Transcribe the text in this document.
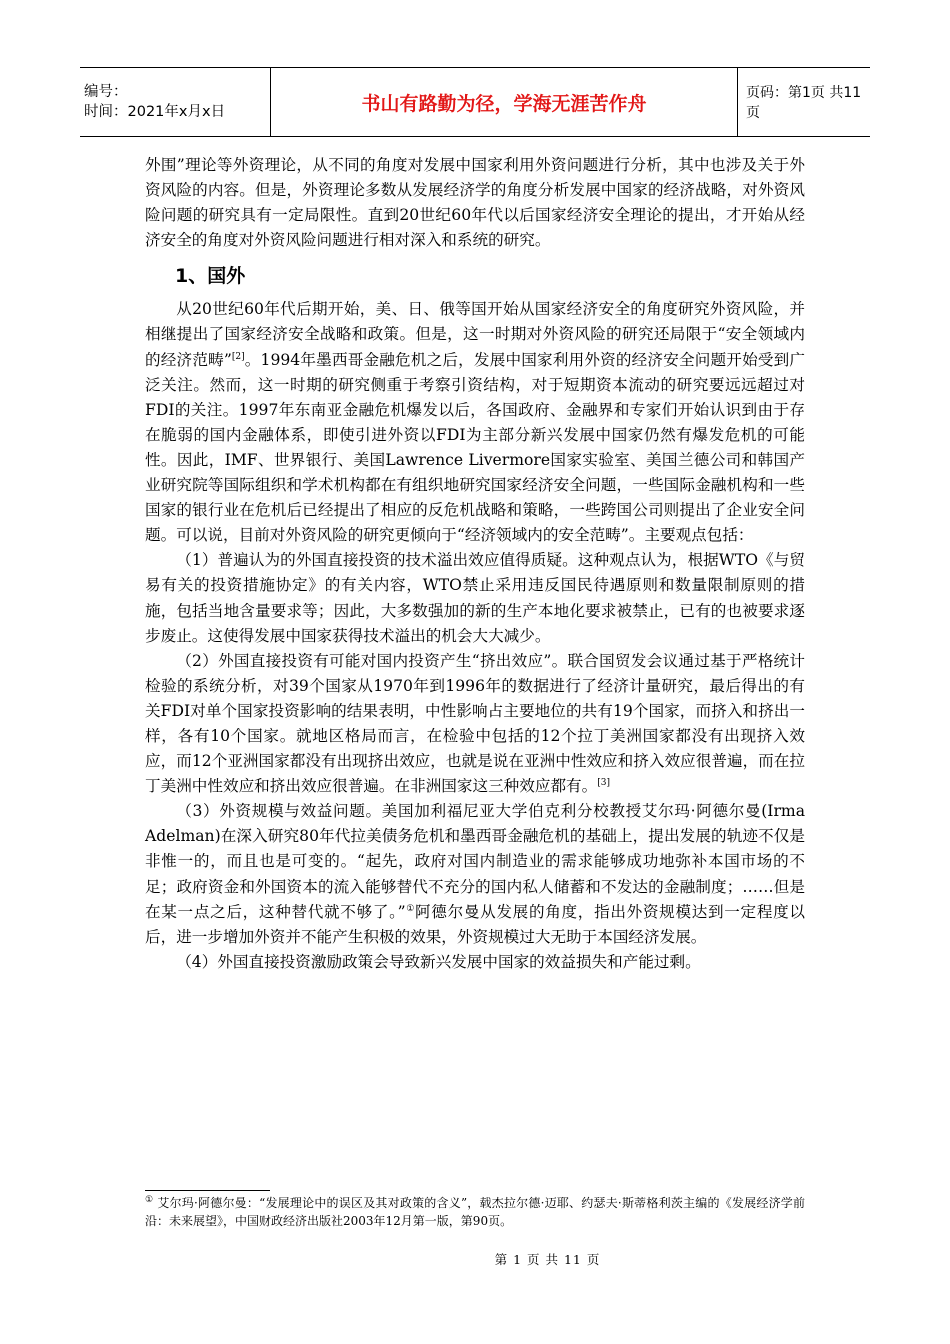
编号：
时间：2021年x月x日	书山有路勤为径，学海无涯苦作舟	页码：第1页 共11页

外围”理论等外资理论，从不同的角度对发展中国家利用外资问题进行分析，其中也涉及关于外资风险的内容。但是，外资理论多数从发展经济学的角度分析发展中国家的经济战略，对外资风险问题的研究具有一定局限性。直到20世纪60年代以后国家经济安全理论的提出，才开始从经济安全的角度对外资风险问题进行相对深入和系统的研究。

1、国外

从20世纪60年代后期开始，美、日、俄等国开始从国家经济安全的角度研究外资风险，并相继提出了国家经济安全战略和政策。但是，这一时期对外资风险的研究还局限于“安全领域内的经济范畴”[2]。1994年墨西哥金融危机之后，发展中国家利用外资的经济安全问题开始受到广泛关注。然而，这一时期的研究侧重于考察引资结构，对于短期资本流动的研究要远远超过对FDI的关注。1997年东南亚金融危机爆发以后，各国政府、金融界和专家们开始认识到由于存在脆弱的国内金融体系，即使引进外资以FDI为主部分新兴发展中国家仍然有爆发危机的可能性。因此，IMF、世界银行、美国Lawrence Livermore国家实验室、美国兰德公司和韩国产业研究院等国际组织和学术机构都在有组织地研究国家经济安全问题，一些国际金融机构和一些国家的银行业在危机后已经提出了相应的反危机战略和策略，一些跨国公司则提出了企业安全问题。可以说，目前对外资风险的研究更倾向于“经济领域内的安全范畴”。主要观点包括：

（1）普遍认为的外国直接投资的技术溢出效应值得质疑。这种观点认为，根据WTO《与贸易有关的投资措施协定》的有关内容，WTO禁止采用违反国民待遇原则和数量限制原则的措施，包括当地含量要求等；因此，大多数强加的新的生产本地化要求被禁止，已有的也被要求逐步废止。这使得发展中国家获得技术溢出的机会大大减少。

（2）外国直接投资有可能对国内投资产生“挤出效应”。联合国贸发会议通过基于严格统计检验的系统分析，对39个国家从1970年到1996年的数据进行了经济计量研究，最后得出的有关FDI对单个国家投资影响的结果表明，中性影响占主要地位的共有19个国家，而挤入和挤出一样，各有10个国家。就地区格局而言，在检验中包括的12个拉丁美洲国家都没有出现挤入效应，而12个亚洲国家都没有出现挤出效应，也就是说在亚洲中性效应和挤入效应很普遍，而在拉丁美洲中性效应和挤出效应很普遍。在非洲国家这三种效应都有。[3]

（3）外资规模与效益问题。美国加利福尼亚大学伯克利分校教授艾尔玛·阿德尔曼(Irma Adelman)在深入研究80年代拉美债务危机和墨西哥金融危机的基础上，提出发展的轨迹不仅是非惟一的，而且也是可变的。“起先，政府对国内制造业的需求能够成功地弥补本国市场的不足；政府资金和外国资本的流入能够替代不充分的国内私人储蓄和不发达的金融制度；……但是在某一点之后，这种替代就不够了。”①阿德尔曼从发展的角度，指出外资规模达到一定程度以后，进一步增加外资并不能产生积极的效果，外资规模过大无助于本国经济发展。

（4）外国直接投资激励政策会导致新兴发展中国家的效益损失和产能过剩。

① 艾尔玛·阿德尔曼：“发展理论中的误区及其对政策的含义”，载杰拉尔德·迈耶、约瑟夫·斯蒂格利茨主编的《发展经济学前沿：未来展望》，中国财政经济出版社2003年12月第一版，第90页。
第 1 页 共 11 页
